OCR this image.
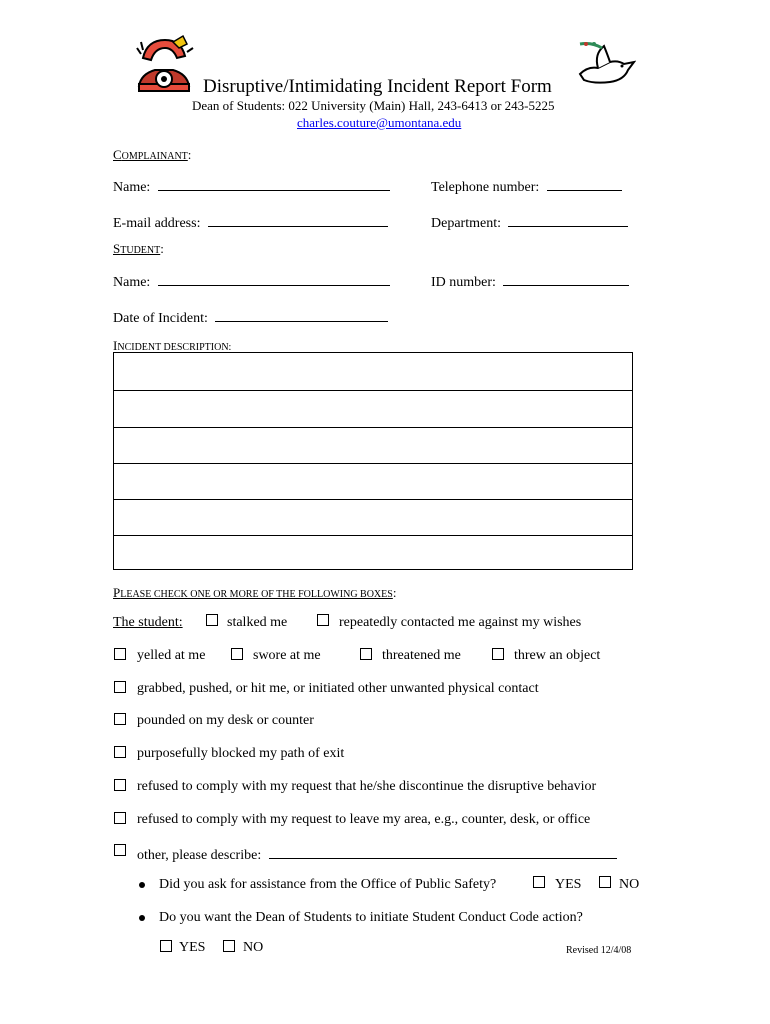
Disruptive/Intimidating Incident Report Form
Dean of Students: 022 University (Main) Hall, 243-6413 or 243-5225
charles.couture@umontana.edu
COMPLAINANT:
Name:	Telephone number:
E-mail address:	Department:
STUDENT:
Name:	ID number:
Date of Incident:
INCIDENT DESCRIPTION:
PLEASE CHECK ONE OR MORE OF THE FOLLOWING BOXES:
The student:	stalked me	repeatedly contacted me against my wishes
yelled at me	swore at me	threatened me	threw an object
grabbed, pushed, or hit me, or initiated other unwanted physical contact
pounded on my desk or counter
purposefully blocked my path of exit
refused to comply with my request that he/she discontinue the disruptive behavior
refused to comply with my request to leave my area, e.g., counter, desk, or office
other, please describe:
Did you ask for assistance from the Office of Public Safety?	YES	NO
Do you want the Dean of Students to initiate Student Conduct Code action?
YES	NO	Revised 12/4/08
